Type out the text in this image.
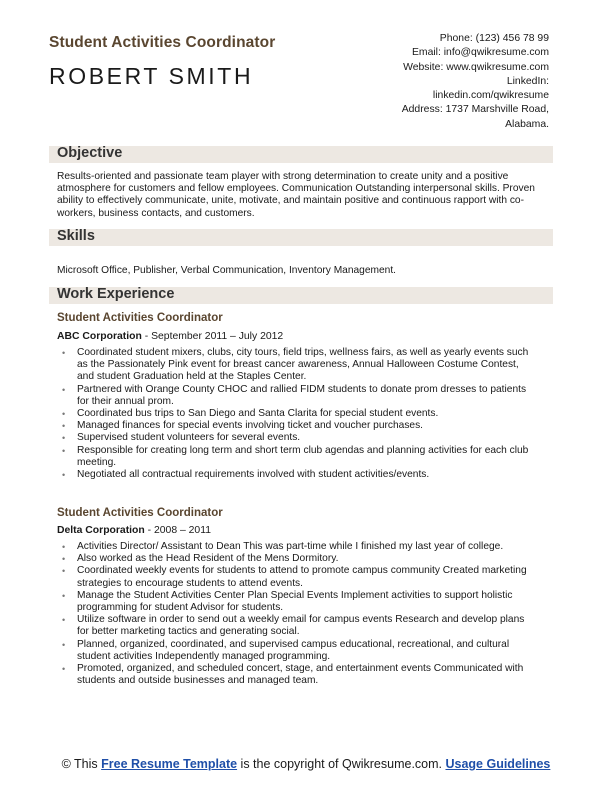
Student Activities Coordinator
ROBERT SMITH
Phone: (123) 456 78 99
Email: info@qwikresume.com
Website: www.qwikresume.com
LinkedIn:
linkedin.com/qwikresume
Address: 1737 Marshville Road,
Alabama.
Objective
Results-oriented and passionate team player with strong determination to create unity and a positive atmosphere for customers and fellow employees. Communication Outstanding interpersonal skills. Proven ability to effectively communicate, unite, motivate, and maintain positive and continuous rapport with co-workers, business contacts, and customers.
Skills
Microsoft Office, Publisher, Verbal Communication, Inventory Management.
Work Experience
Student Activities Coordinator
ABC Corporation - September 2011 – July 2012
• Coordinated student mixers, clubs, city tours, field trips, wellness fairs, as well as yearly events such as the Passionately Pink event for breast cancer awareness, Annual Halloween Costume Contest, and student Graduation held at the Staples Center.
• Partnered with Orange County CHOC and rallied FIDM students to donate prom dresses to patients for their annual prom.
• Coordinated bus trips to San Diego and Santa Clarita for special student events.
• Managed finances for special events involving ticket and voucher purchases.
• Supervised student volunteers for several events.
• Responsible for creating long term and short term club agendas and planning activities for each club meeting.
• Negotiated all contractual requirements involved with student activities/events.
Student Activities Coordinator
Delta Corporation - 2008 – 2011
• Activities Director/ Assistant to Dean This was part-time while I finished my last year of college.
• Also worked as the Head Resident of the Mens Dormitory.
• Coordinated weekly events for students to attend to promote campus community Created marketing strategies to encourage students to attend events.
• Manage the Student Activities Center Plan Special Events Implement activities to support holistic programming for student Advisor for students.
• Utilize software in order to send out a weekly email for campus events Research and develop plans for better marketing tactics and generating social.
• Planned, organized, coordinated, and supervised campus educational, recreational, and cultural student activities Independently managed programming.
• Promoted, organized, and scheduled concert, stage, and entertainment events Communicated with students and outside businesses and managed team.
© This Free Resume Template is the copyright of Qwikresume.com. Usage Guidelines
